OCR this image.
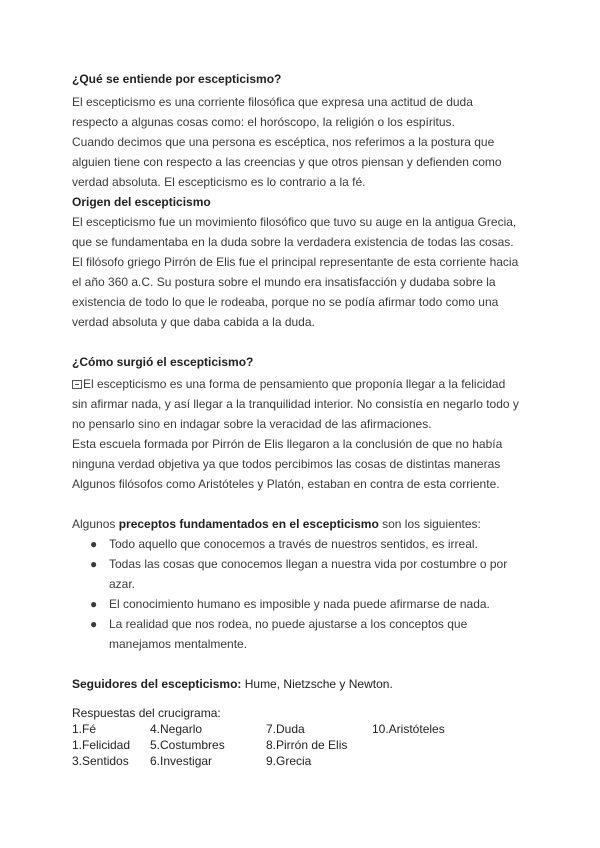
¿Qué se entiende por escepticismo?
El escepticismo es una corriente filosófica que expresa una actitud de duda
respecto a algunas cosas como: el horóscopo, la religión o los espíritus.
Cuando decimos que una persona es escéptica, nos referimos a la postura que
alguien tiene con respecto a las creencias y que otros piensan y defienden como
verdad absoluta. El escepticismo es lo contrario a la fé.
Origen del escepticismo
El escepticismo fue un movimiento filosófico que tuvo su auge en la antigua Grecia,
que se fundamentaba en la duda sobre la verdadera existencia de todas las cosas.
El filósofo griego Pirrón de Elis fue el principal representante de esta corriente hacia
el año 360 a.C. Su postura sobre el mundo era insatisfacción y dudaba sobre la
existencia de todo lo que le rodeaba, porque no se podía afirmar todo como una
verdad absoluta y que daba cabida a la duda.
¿Cómo surgió el escepticismo?
El escepticismo es una forma de pensamiento que proponía llegar a la felicidad
sin afirmar nada, y así llegar a la tranquilidad interior. No consistía en negarlo todo y
no pensarlo sino en indagar sobre la veracidad de las afirmaciones.
Esta escuela formada por Pirrón de Elis llegaron a la conclusión de que no había
ninguna verdad objetiva ya que todos percibimos las cosas de distintas maneras
Algunos filósofos como Aristóteles y Platón, estaban en contra de esta corriente.
Algunos preceptos fundamentados en el escepticismo son los siguientes:
● Todo aquello que conocemos a través de nuestros sentidos, es irreal.
● Todas las cosas que conocemos llegan a nuestra vida por costumbre o por azar.
● El conocimiento humano es imposible y nada puede afirmarse de nada.
● La realidad que nos rodea, no puede ajustarse a los conceptos que manejamos mentalmente.
Seguidores del escepticismo: Hume, Nietzsche y Newton.
Respuestas del crucigrama:
1.Fé	4.Negarlo	7.Duda	10.Aristóteles
1.Felicidad 5.Costumbres	8.Pirrón de Elis
3.Sentidos 6.Investigar	9.Grecia
